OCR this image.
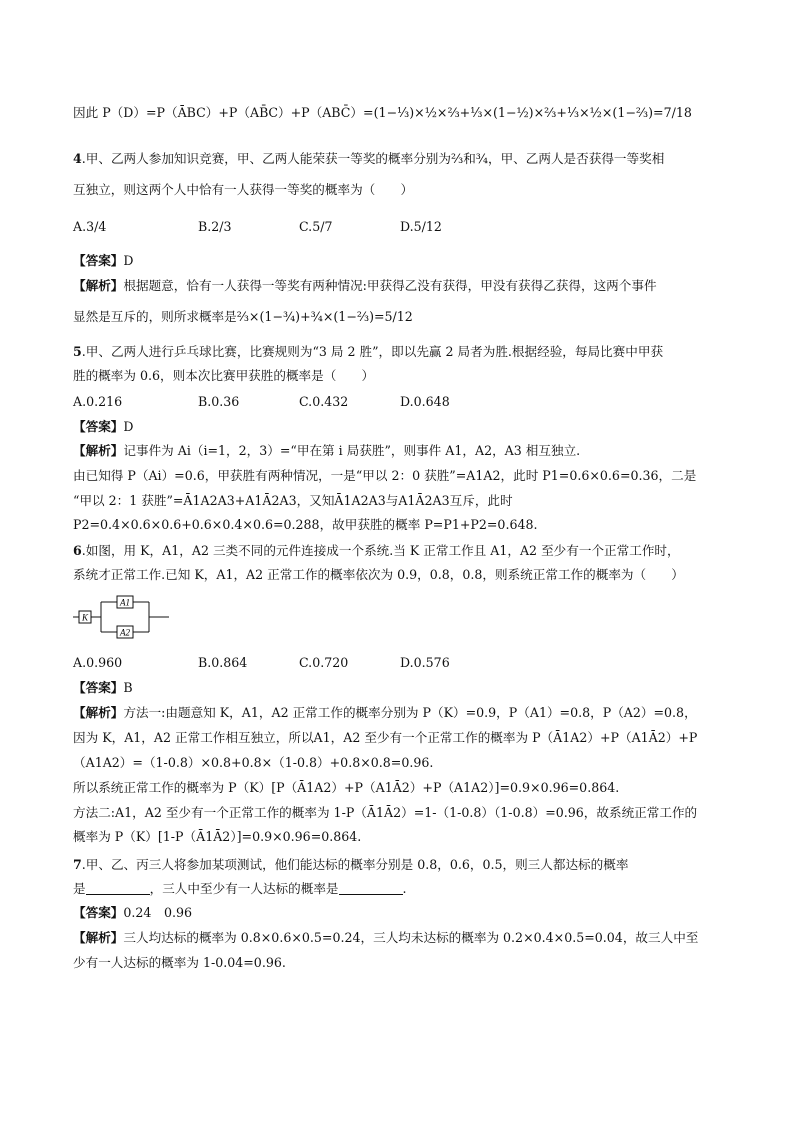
因此 P（D）=P（ĀBC）+P（AB̄C）+P（ABC̄）=(1−⅓)×½×⅔+⅓×(1−½)×⅔+⅓×½×(1−⅔)=7/18
4.甲、乙两人参加知识竞赛，甲、乙两人能荣获一等奖的概率分别为⅔和¾，甲、乙两人是否获得一等奖相
互独立，则这两个人中恰有一人获得一等奖的概率为（　　）
A.3/4	B.2/3	C.5/7	D.5/12
【答案】D
【解析】根据题意，恰有一人获得一等奖有两种情况:甲获得乙没有获得，甲没有获得乙获得，这两个事件
显然是互斥的，则所求概率是⅔×(1−¾)+¾×(1−⅔)=5/12
5.甲、乙两人进行乒乓球比赛，比赛规则为“3 局 2 胜”，即以先赢 2 局者为胜.根据经验，每局比赛中甲获
胜的概率为 0.6，则本次比赛甲获胜的概率是（　　）
A.0.216	B.0.36	C.0.432	D.0.648
【答案】D
【解析】记事件为 Ai（i=1，2，3）=“甲在第 i 局获胜”，则事件 A1，A2，A3 相互独立.
由已知得 P（Ai）=0.6，甲获胜有两种情况，一是“甲以 2：0 获胜”=A1A2，此时 P1=0.6×0.6=0.36，二是
“甲以 2：1 获胜”=Ā1A2A3+A1Ā2A3，又知Ā1A2A3与A1Ā2A3互斥，此时
P2=0.4×0.6×0.6+0.6×0.4×0.6=0.288，故甲获胜的概率 P=P1+P2=0.648.
6.如图，用 K，A1，A2 三类不同的元件连接成一个系统.当 K 正常工作且 A1，A2 至少有一个正常工作时，
系统才正常工作.已知 K，A1，A2 正常工作的概率依次为 0.9，0.8，0.8，则系统正常工作的概率为（　　）
K
A1
A2
A.0.960	B.0.864	C.0.720	D.0.576
【答案】B
【解析】方法一:由题意知 K，A1，A2 正常工作的概率分别为 P（K）=0.9，P（A1）=0.8，P（A2）=0.8，
因为 K，A1，A2 正常工作相互独立，所以A1，A2 至少有一个正常工作的概率为 P（Ā1A2）+P（A1Ā2）+P
（A1A2）=（1-0.8）×0.8+0.8×（1-0.8）+0.8×0.8=0.96.
所以系统正常工作的概率为 P（K）[P（Ā1A2）+P（A1Ā2）+P（A1A2）]=0.9×0.96=0.864.
方法二:A1，A2 至少有一个正常工作的概率为 1-P（Ā1Ā2）=1-（1-0.8）（1-0.8）=0.96，故系统正常工作的
概率为 P（K）[1-P（Ā1Ā2）]=0.9×0.96=0.864.
7.甲、乙、丙三人将参加某项测试，他们能达标的概率分别是 0.8，0.6，0.5，则三人都达标的概率
是	，三人中至少有一人达标的概率是	.
【答案】0.24　0.96
【解析】三人均达标的概率为 0.8×0.6×0.5=0.24，三人均未达标的概率为 0.2×0.4×0.5=0.04，故三人中至
少有一人达标的概率为 1-0.04=0.96.
